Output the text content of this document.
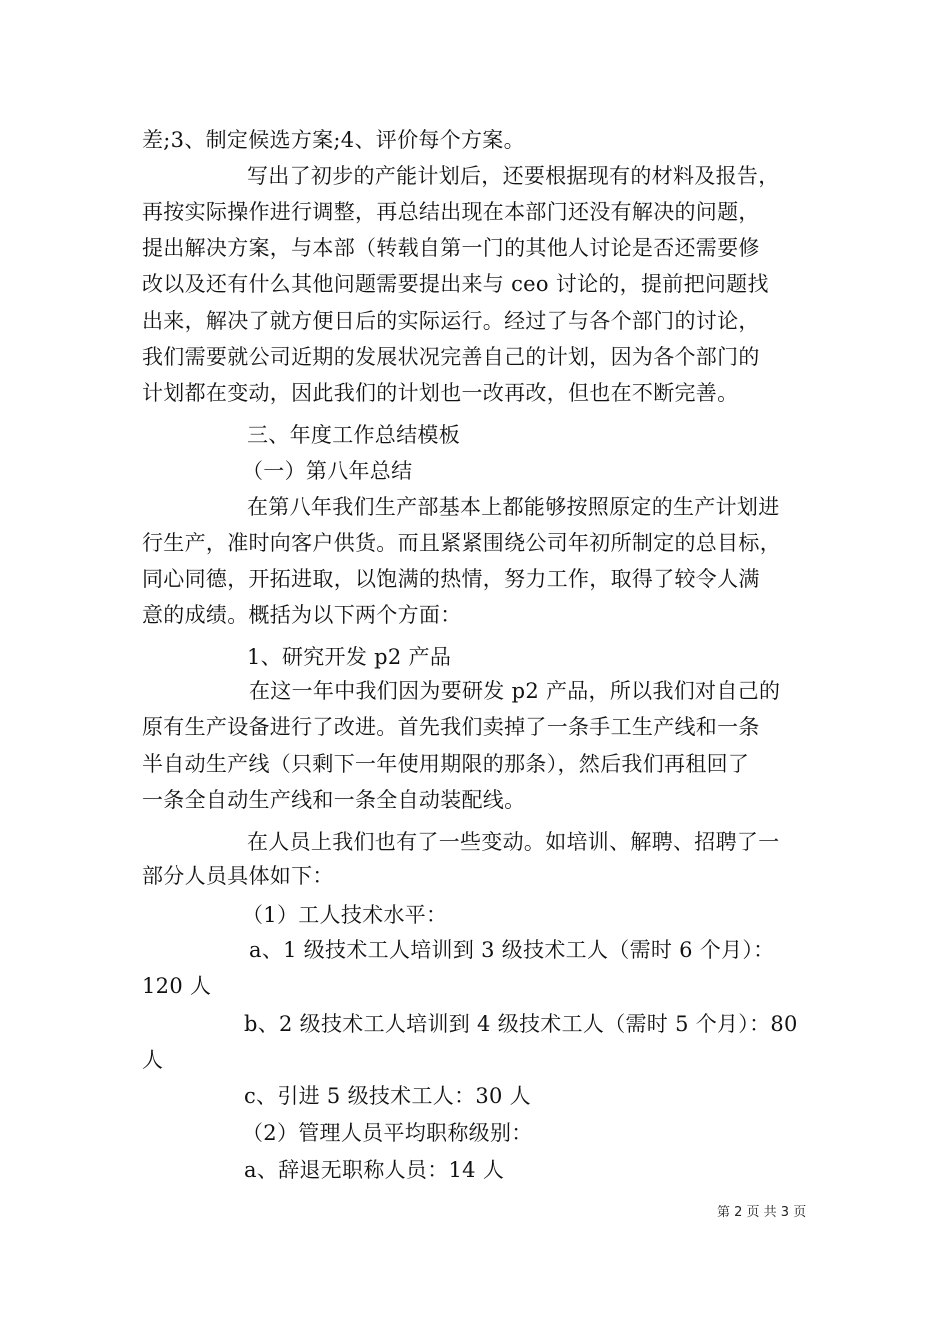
差;3、制定候选方案;4、评价每个方案。
写出了初步的产能计划后，还要根据现有的材料及报告，
再按实际操作进行调整，再总结出现在本部门还没有解决的问题，
提出解决方案，与本部（转载自第一门的其他人讨论是否还需要修
改以及还有什么其他问题需要提出来与 ceo 讨论的，提前把问题找
出来，解决了就方便日后的实际运行。经过了与各个部门的讨论，
我们需要就公司近期的发展状况完善自己的计划，因为各个部门的
计划都在变动，因此我们的计划也一改再改，但也在不断完善。
三、年度工作总结模板
（一）第八年总结
在第八年我们生产部基本上都能够按照原定的生产计划进
行生产，准时向客户供货。而且紧紧围绕公司年初所制定的总目标，
同心同德，开拓进取，以饱满的热情，努力工作，取得了较令人满
意的成绩。概括为以下两个方面：
1、研究开发 p2 产品
在这一年中我们因为要研发 p2 产品，所以我们对自己的
原有生产设备进行了改进。首先我们卖掉了一条手工生产线和一条
半自动生产线（只剩下一年使用期限的那条），然后我们再租回了
一条全自动生产线和一条全自动装配线。
在人员上我们也有了一些变动。如培训、解聘、招聘了一
部分人员具体如下：
（1）工人技术水平：
a、1 级技术工人培训到 3 级技术工人（需时 6 个月）：
120 人
b、2 级技术工人培训到 4 级技术工人（需时 5 个月）：80
人
c、引进 5 级技术工人：30 人
（2）管理人员平均职称级别：
a、辞退无职称人员：14 人
第 2 页 共 3 页
